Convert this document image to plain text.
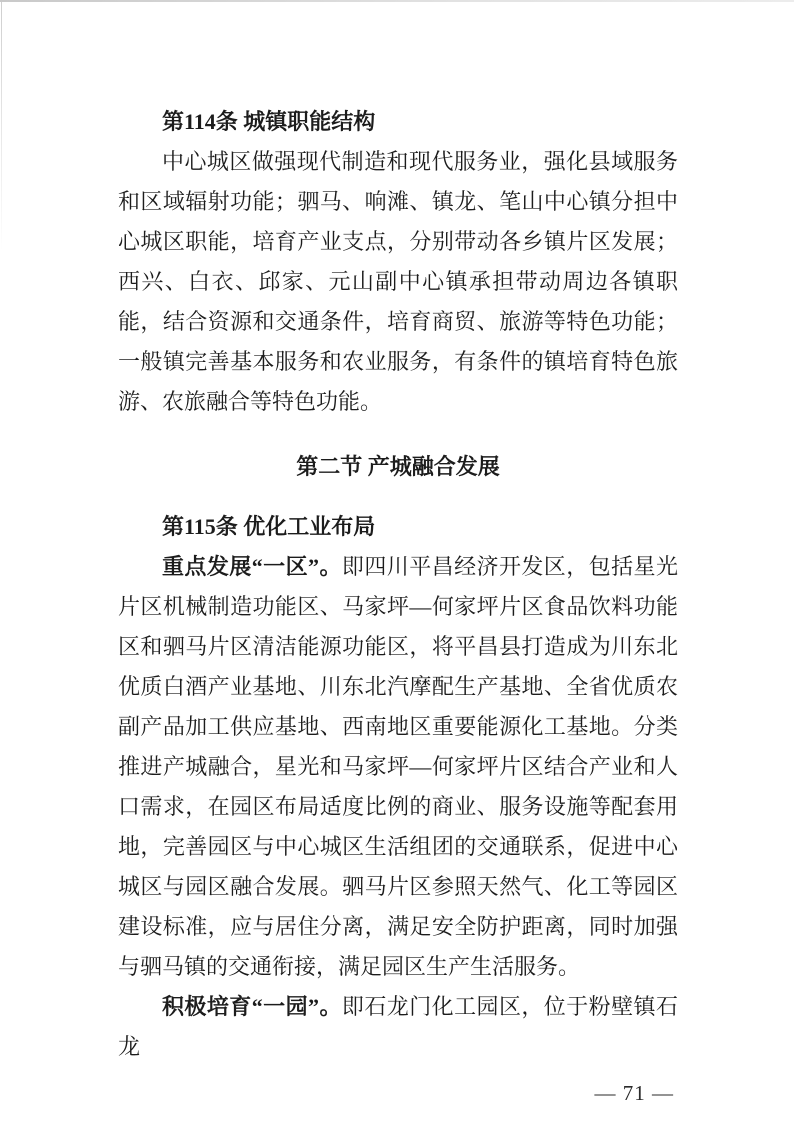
第114条 城镇职能结构

中心城区做强现代制造和现代服务业，强化县域服务和区域辐射功能；驷马、响滩、镇龙、笔山中心镇分担中心城区职能，培育产业支点，分别带动各乡镇片区发展；西兴、白衣、邱家、元山副中心镇承担带动周边各镇职能，结合资源和交通条件，培育商贸、旅游等特色功能；一般镇完善基本服务和农业服务，有条件的镇培育特色旅游、农旅融合等特色功能。

第二节 产城融合发展
第115条 优化工业布局

重点发展“一区”。即四川平昌经济开发区，包括星光片区机械制造功能区、马家坪—何家坪片区食品饮料功能区和驷马片区清洁能源功能区，将平昌县打造成为川东北优质白酒产业基地、川东北汽摩配生产基地、全省优质农副产品加工供应基地、西南地区重要能源化工基地。分类推进产城融合，星光和马家坪—何家坪片区结合产业和人口需求，在园区布局适度比例的商业、服务设施等配套用地，完善园区与中心城区生活组团的交通联系，促进中心城区与园区融合发展。驷马片区参照天然气、化工等园区建设标准，应与居住分离，满足安全防护距离，同时加强与驷马镇的交通衔接，满足园区生产生活服务。

积极培育“一园”。即石龙门化工园区，位于粉壁镇石龙

— 71 —
